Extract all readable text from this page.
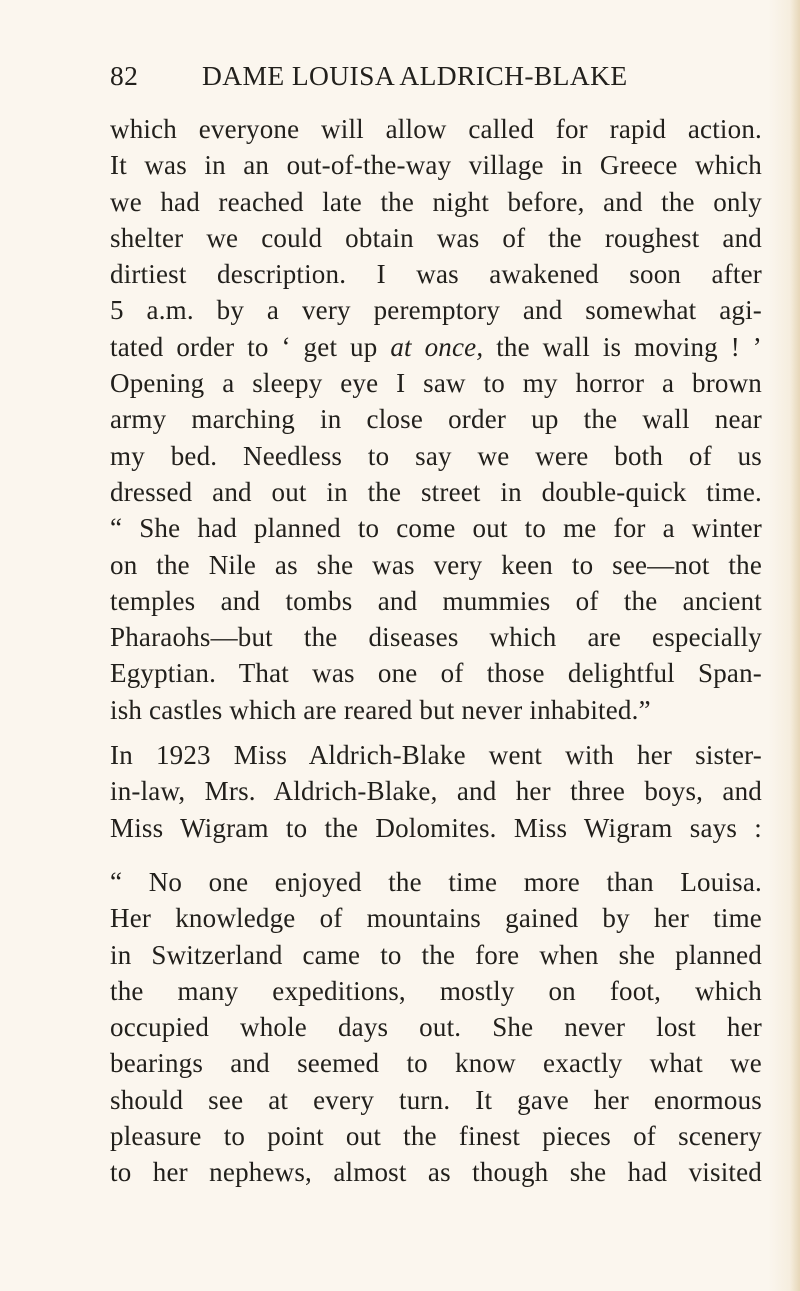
82 DAME LOUISA ALDRICH-BLAKE
which everyone will allow called for rapid action.
It was in an out-of-the-way village in Greece which
we had reached late the night before, and the only
shelter we could obtain was of the roughest and
dirtiest description. I was awakened soon after
5 a.m. by a very peremptory and somewhat agi-
tated order to ‘ get up at once, the wall is moving ! ’
Opening a sleepy eye I saw to my horror a brown
army marching in close order up the wall near
my bed. Needless to say we were both of us
dressed and out in the street in double-quick time.
“ She had planned to come out to me for a winter
on the Nile as she was very keen to see—not the
temples and tombs and mummies of the ancient
Pharaohs—but the diseases which are especially
Egyptian. That was one of those delightful Span-
ish castles which are reared but never inhabited.”
In 1923 Miss Aldrich-Blake went with her sister-
in-law, Mrs. Aldrich-Blake, and her three boys, and
Miss Wigram to the Dolomites. Miss Wigram says :
“ No one enjoyed the time more than Louisa.
Her knowledge of mountains gained by her time
in Switzerland came to the fore when she planned
the many expeditions, mostly on foot, which
occupied whole days out. She never lost her
bearings and seemed to know exactly what we
should see at every turn. It gave her enormous
pleasure to point out the finest pieces of scenery
to her nephews, almost as though she had visited
